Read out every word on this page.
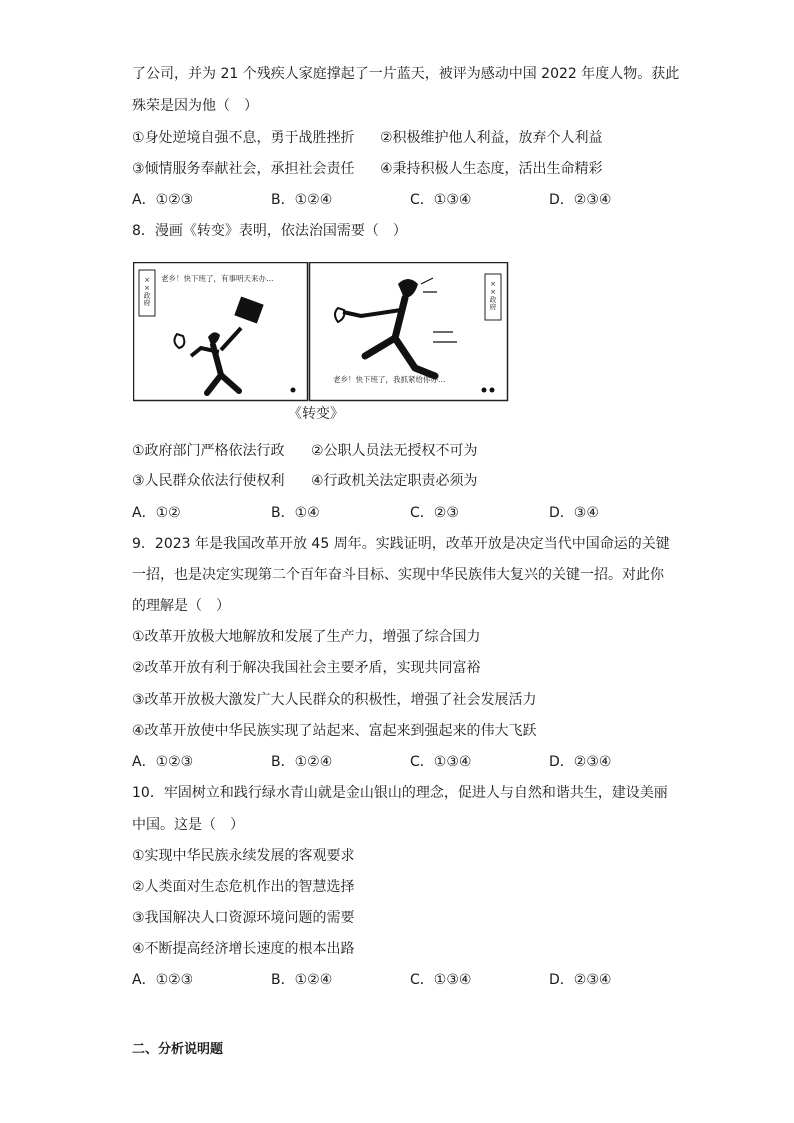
了公司，并为 21 个残疾人家庭撑起了一片蓝天，被评为感动中国 2022 年度人物。获此
殊荣是因为他（　）
①身处逆境自强不息，勇于战胜挫折 ②积极维护他人利益，放弃个人利益
③倾情服务奉献社会，承担社会责任 ④秉持积极人生态度，活出生命精彩
A．①②③	B．①②④	C．①③④	D．②③④
8．漫画《转变》表明，依法治国需要（　）
××政府 老乡！快下班了，有事明天来办…
××政府
老乡！快下班了，我抓紧给你办…
《转变》
①政府部门严格依法行政 ②公职人员法无授权不可为
③人民群众依法行使权利 ④行政机关法定职责必须为
A．①②	B．①④	C．②③	D．③④
9．2023 年是我国改革开放 45 周年。实践证明，改革开放是决定当代中国命运的关键
一招，也是决定实现第二个百年奋斗目标、实现中华民族伟大复兴的关键一招。对此你
的理解是（　）
①改革开放极大地解放和发展了生产力，增强了综合国力
②改革开放有利于解决我国社会主要矛盾，实现共同富裕
③改革开放极大激发广大人民群众的积极性，增强了社会发展活力
④改革开放使中华民族实现了站起来、富起来到强起来的伟大飞跃
A．①②③	B．①②④	C．①③④	D．②③④
10．牢固树立和践行绿水青山就是金山银山的理念，促进人与自然和谐共生，建设美丽
中国。这是（　）
①实现中华民族永续发展的客观要求
②人类面对生态危机作出的智慧选择
③我国解决人口资源环境问题的需要
④不断提高经济增长速度的根本出路
A．①②③	B．①②④	C．①③④	D．②③④
二、分析说明题
